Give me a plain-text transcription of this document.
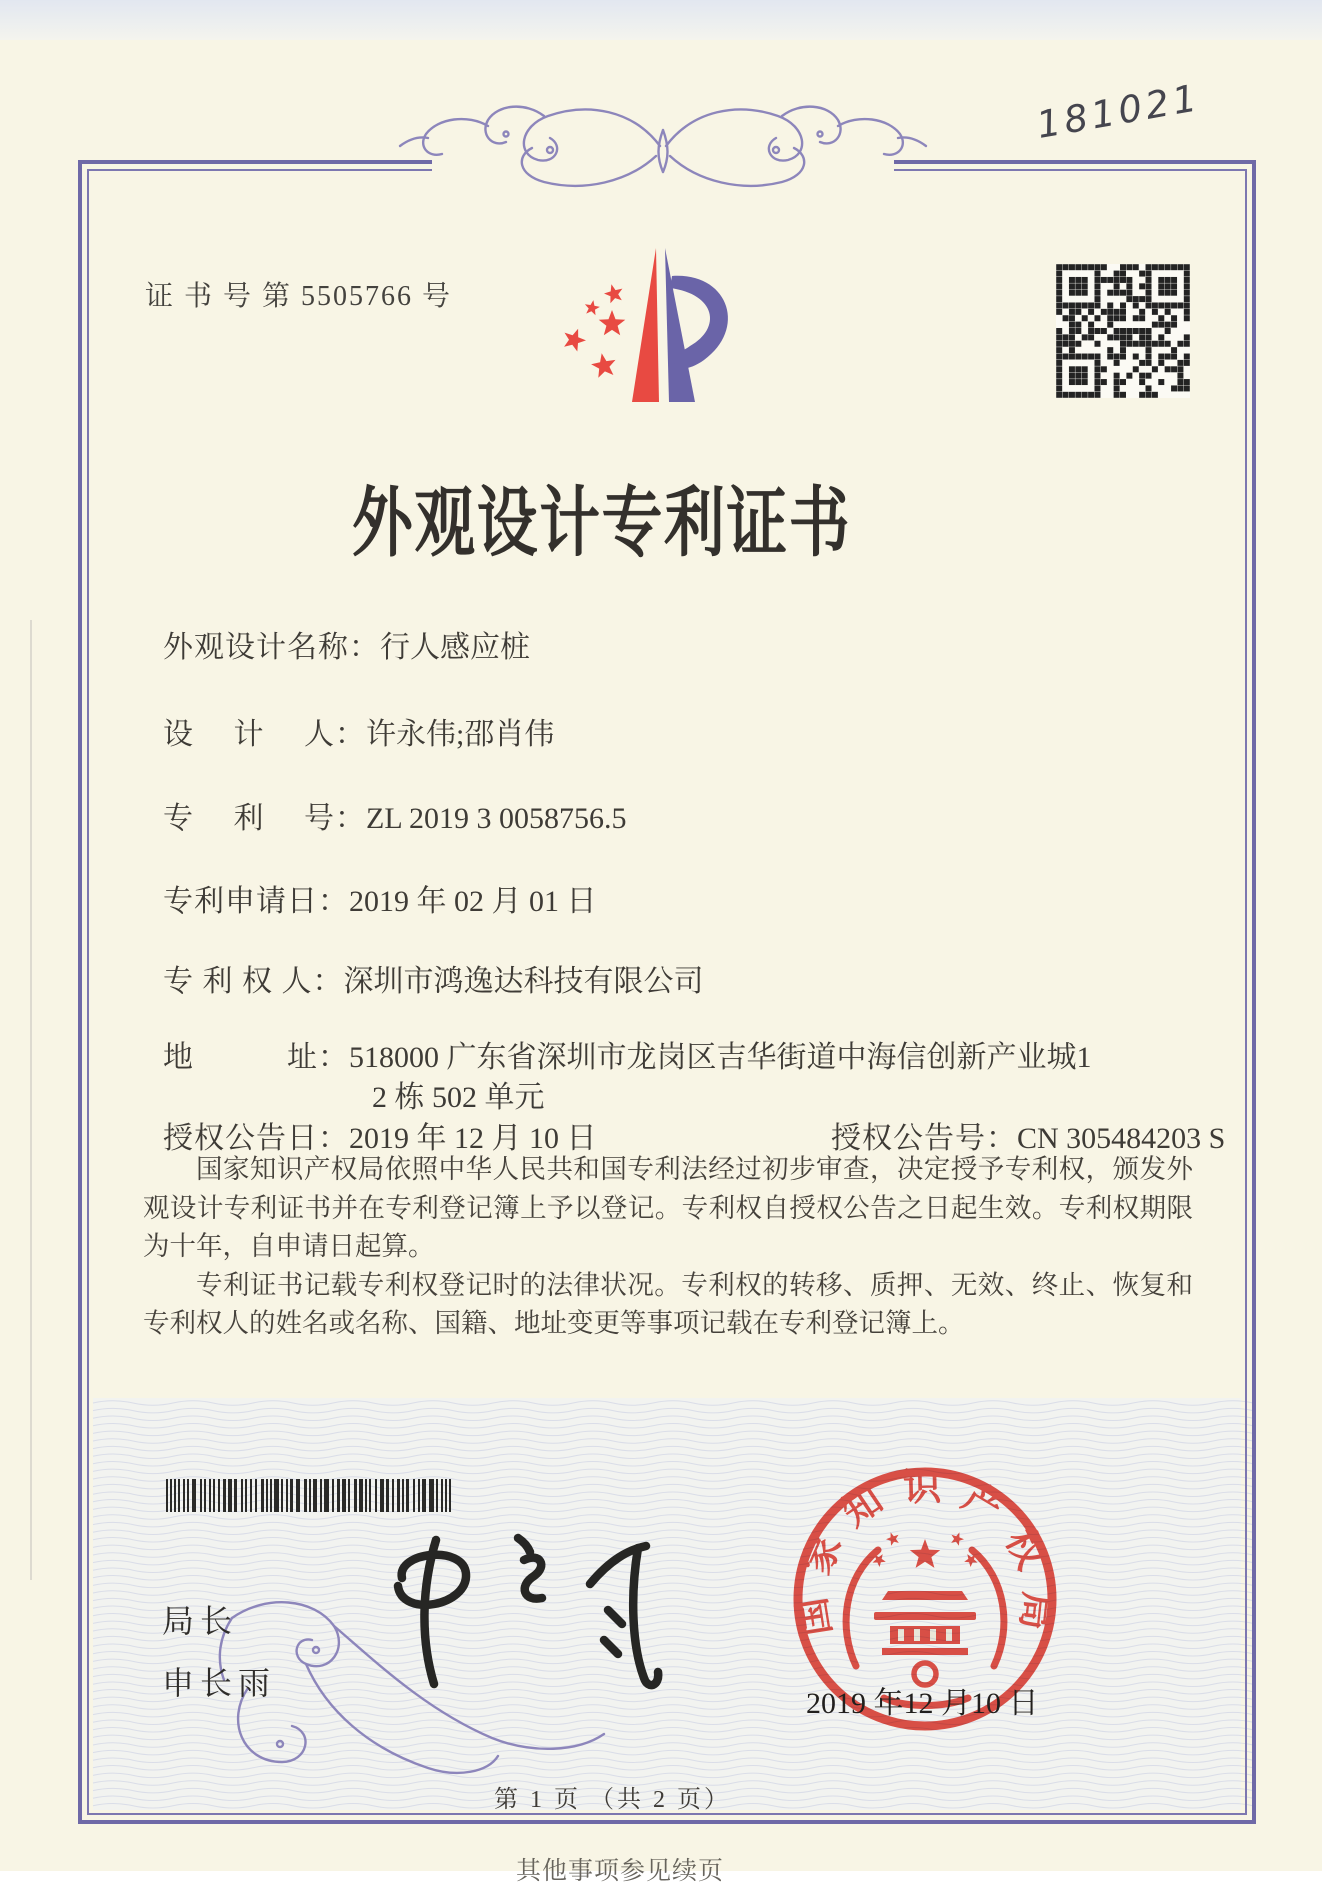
证 书 号 第 5505766 号
181021
外观设计专利证书
外观设计名称：行人感应桩
设　 计　 人：许永伟;邵肖伟
专　 利　 号：ZL 2019 3 0058756.5
专利申请日：2019 年 02 月 01 日
专 利 权 人：深圳市鸿逸达科技有限公司
地　　　址：518000 广东省深圳市龙岗区吉华街道中海信创新产业城1
2 栋 502 单元
授权公告日：2019 年 12 月 10 日	授权公告号：CN 305484203 S

国家知识产权局依照中华人民共和国专利法经过初步审查，决定授予专利权，颁发外观设计专利证书并在专利登记簿上予以登记。专利权自授权公告之日起生效。专利权期限为十年，自申请日起算。

专利证书记载专利权登记时的法律状况。专利权的转移、质押、无效、终止、恢复和专利权人的姓名或名称、国籍、地址变更等事项记载在专利登记簿上。

局长
申长雨
国家知识产权局
2019 年12 月10 日
第 1 页 （共 2 页）
其他事项参见续页
